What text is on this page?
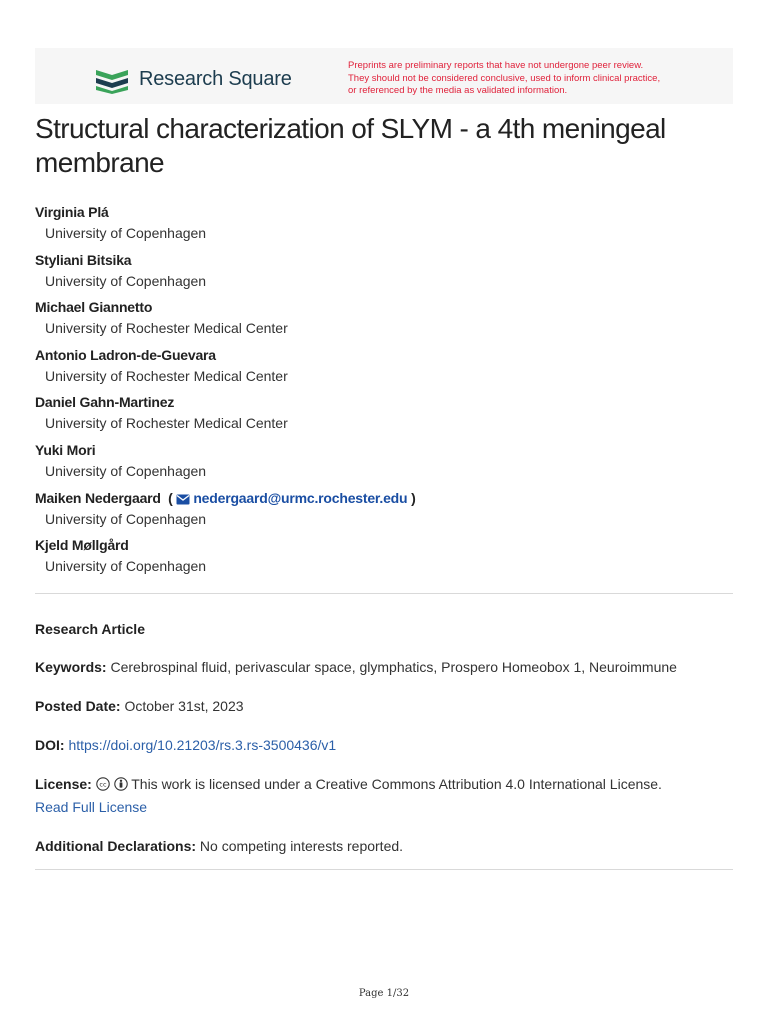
Research Square
Preprints are preliminary reports that have not undergone peer review.
They should not be considered conclusive, used to inform clinical practice,
or referenced by the media as validated information.
Structural characterization of SLYM - a 4th meningeal membrane
Virginia Plá
University of Copenhagen
Styliani Bitsika
University of Copenhagen
Michael Giannetto
University of Rochester Medical Center
Antonio Ladron-de-Guevara
University of Rochester Medical Center
Daniel Gahn-Martinez
University of Rochester Medical Center
Yuki Mori
University of Copenhagen
Maiken Nedergaard  ( nedergaard@urmc.rochester.edu )
University of Copenhagen
Kjeld Møllgård
University of Copenhagen
Research Article
Keywords: Cerebrospinal fluid, perivascular space, glymphatics, Prospero Homeobox 1, Neuroimmune
Posted Date: October 31st, 2023
DOI: https://doi.org/10.21203/rs.3.rs-3500436/v1
License: cc This work is licensed under a Creative Commons Attribution 4.0 International License.
Read Full License
Additional Declarations: No competing interests reported.
Page 1/32
